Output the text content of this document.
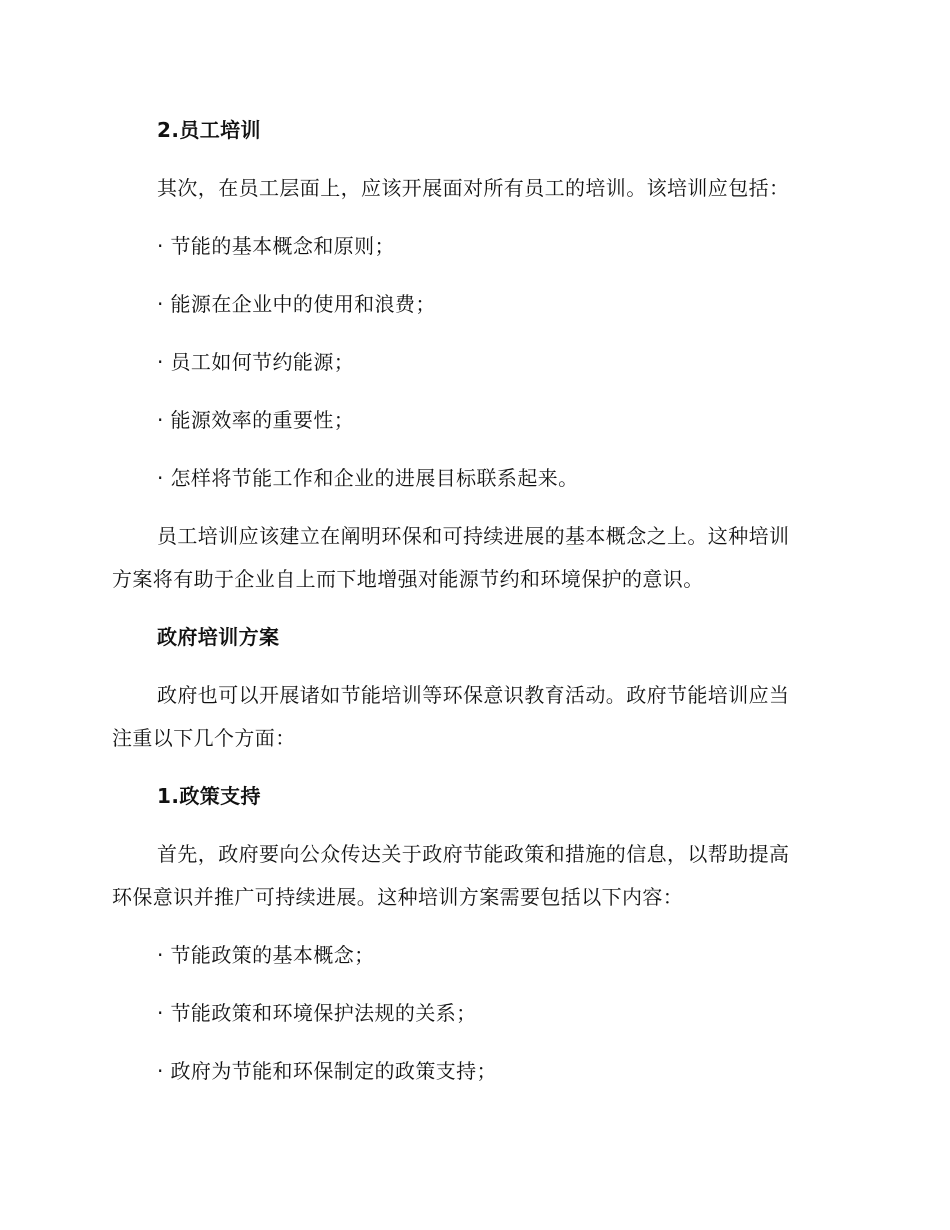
2.员工培训
其次，在员工层面上，应该开展面对所有员工的培训。该培训应包括：
· 节能的基本概念和原则；
· 能源在企业中的使用和浪费；
· 员工如何节约能源；
· 能源效率的重要性；
· 怎样将节能工作和企业的进展目标联系起来。
员工培训应该建立在阐明环保和可持续进展的基本概念之上。这种培训
方案将有助于企业自上而下地增强对能源节约和环境保护的意识。
政府培训方案
政府也可以开展诸如节能培训等环保意识教育活动。政府节能培训应当
注重以下几个方面：
1.政策支持
首先，政府要向公众传达关于政府节能政策和措施的信息，以帮助提高
环保意识并推广可持续进展。这种培训方案需要包括以下内容：
· 节能政策的基本概念；
· 节能政策和环境保护法规的关系；
· 政府为节能和环保制定的政策支持；
